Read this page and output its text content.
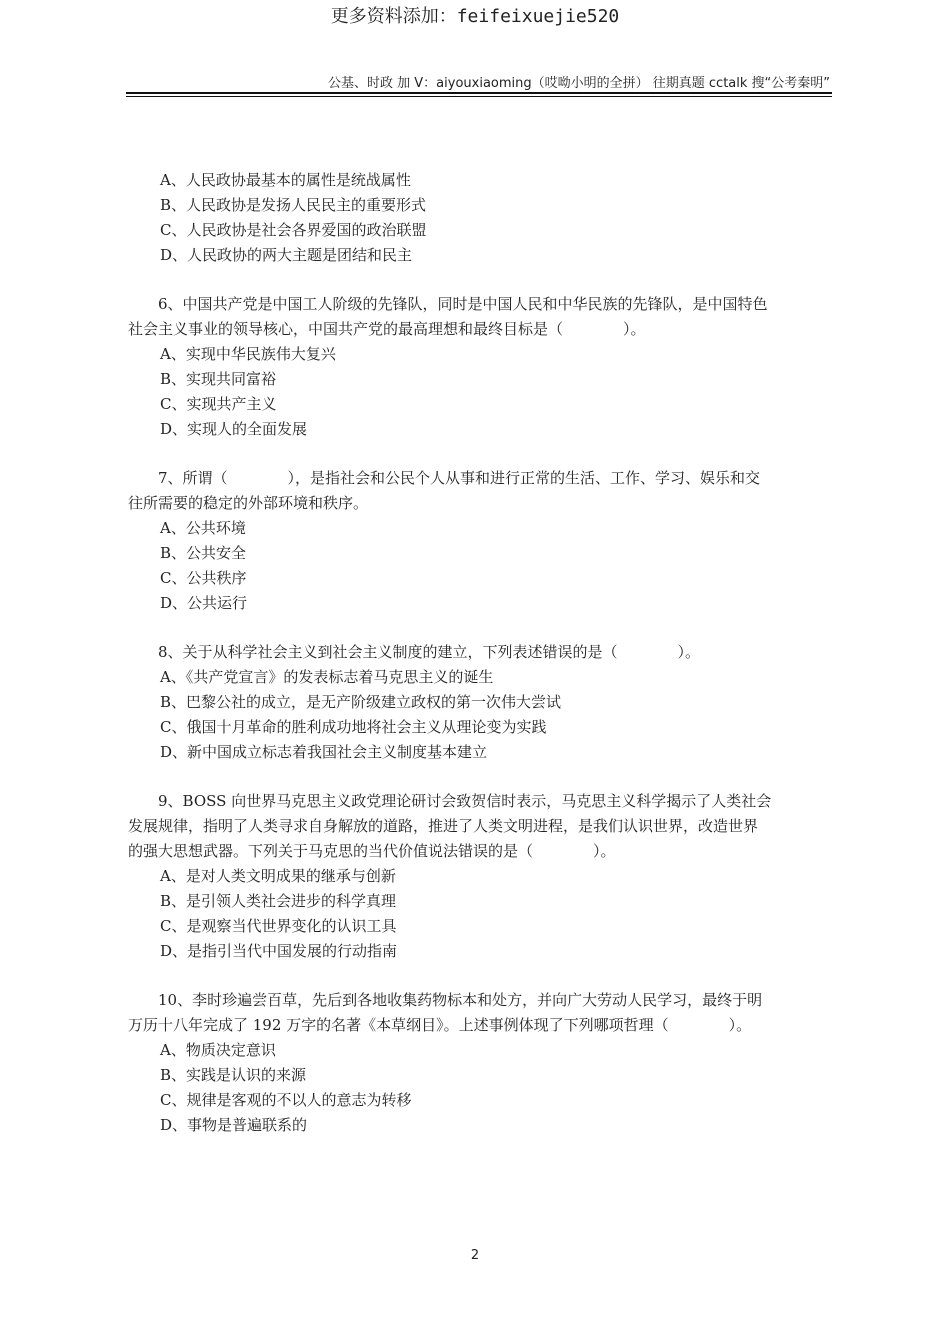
更多资料添加：feifeixuejie520
公基、时政 加 V：aiyouxiaoming（哎呦小明的全拼） 往期真题 cctalk 搜“公考秦明”
A、人民政协最基本的属性是统战属性
B、人民政协是发扬人民民主的重要形式
C、人民政协是社会各界爱国的政治联盟
D、人民政协的两大主题是团结和民主
6、中国共产党是中国工人阶级的先锋队，同时是中国人民和中华民族的先锋队，是中国特色
社会主义事业的领导核心，中国共产党的最高理想和最终目标是（　　　　）。
A、实现中华民族伟大复兴
B、实现共同富裕
C、实现共产主义
D、实现人的全面发展
7、所谓（　　　　），是指社会和公民个人从事和进行正常的生活、工作、学习、娱乐和交
往所需要的稳定的外部环境和秩序。
A、公共环境
B、公共安全
C、公共秩序
D、公共运行
8、关于从科学社会主义到社会主义制度的建立，下列表述错误的是（　　　　）。
A、《共产党宣言》的发表标志着马克思主义的诞生
B、巴黎公社的成立，是无产阶级建立政权的第一次伟大尝试
C、俄国十月革命的胜利成功地将社会主义从理论变为实践
D、新中国成立标志着我国社会主义制度基本建立
9、BOSS 向世界马克思主义政党理论研讨会致贺信时表示，马克思主义科学揭示了人类社会
发展规律，指明了人类寻求自身解放的道路，推进了人类文明进程，是我们认识世界，改造世界
的强大思想武器。下列关于马克思的当代价值说法错误的是（　　　　）。
A、是对人类文明成果的继承与创新
B、是引领人类社会进步的科学真理
C、是观察当代世界变化的认识工具
D、是指引当代中国发展的行动指南
10、李时珍遍尝百草，先后到各地收集药物标本和处方，并向广大劳动人民学习，最终于明
万历十八年完成了 192 万字的名著《本草纲目》。上述事例体现了下列哪项哲理（　　　　）。
A、物质决定意识
B、实践是认识的来源
C、规律是客观的不以人的意志为转移
D、事物是普遍联系的
2
